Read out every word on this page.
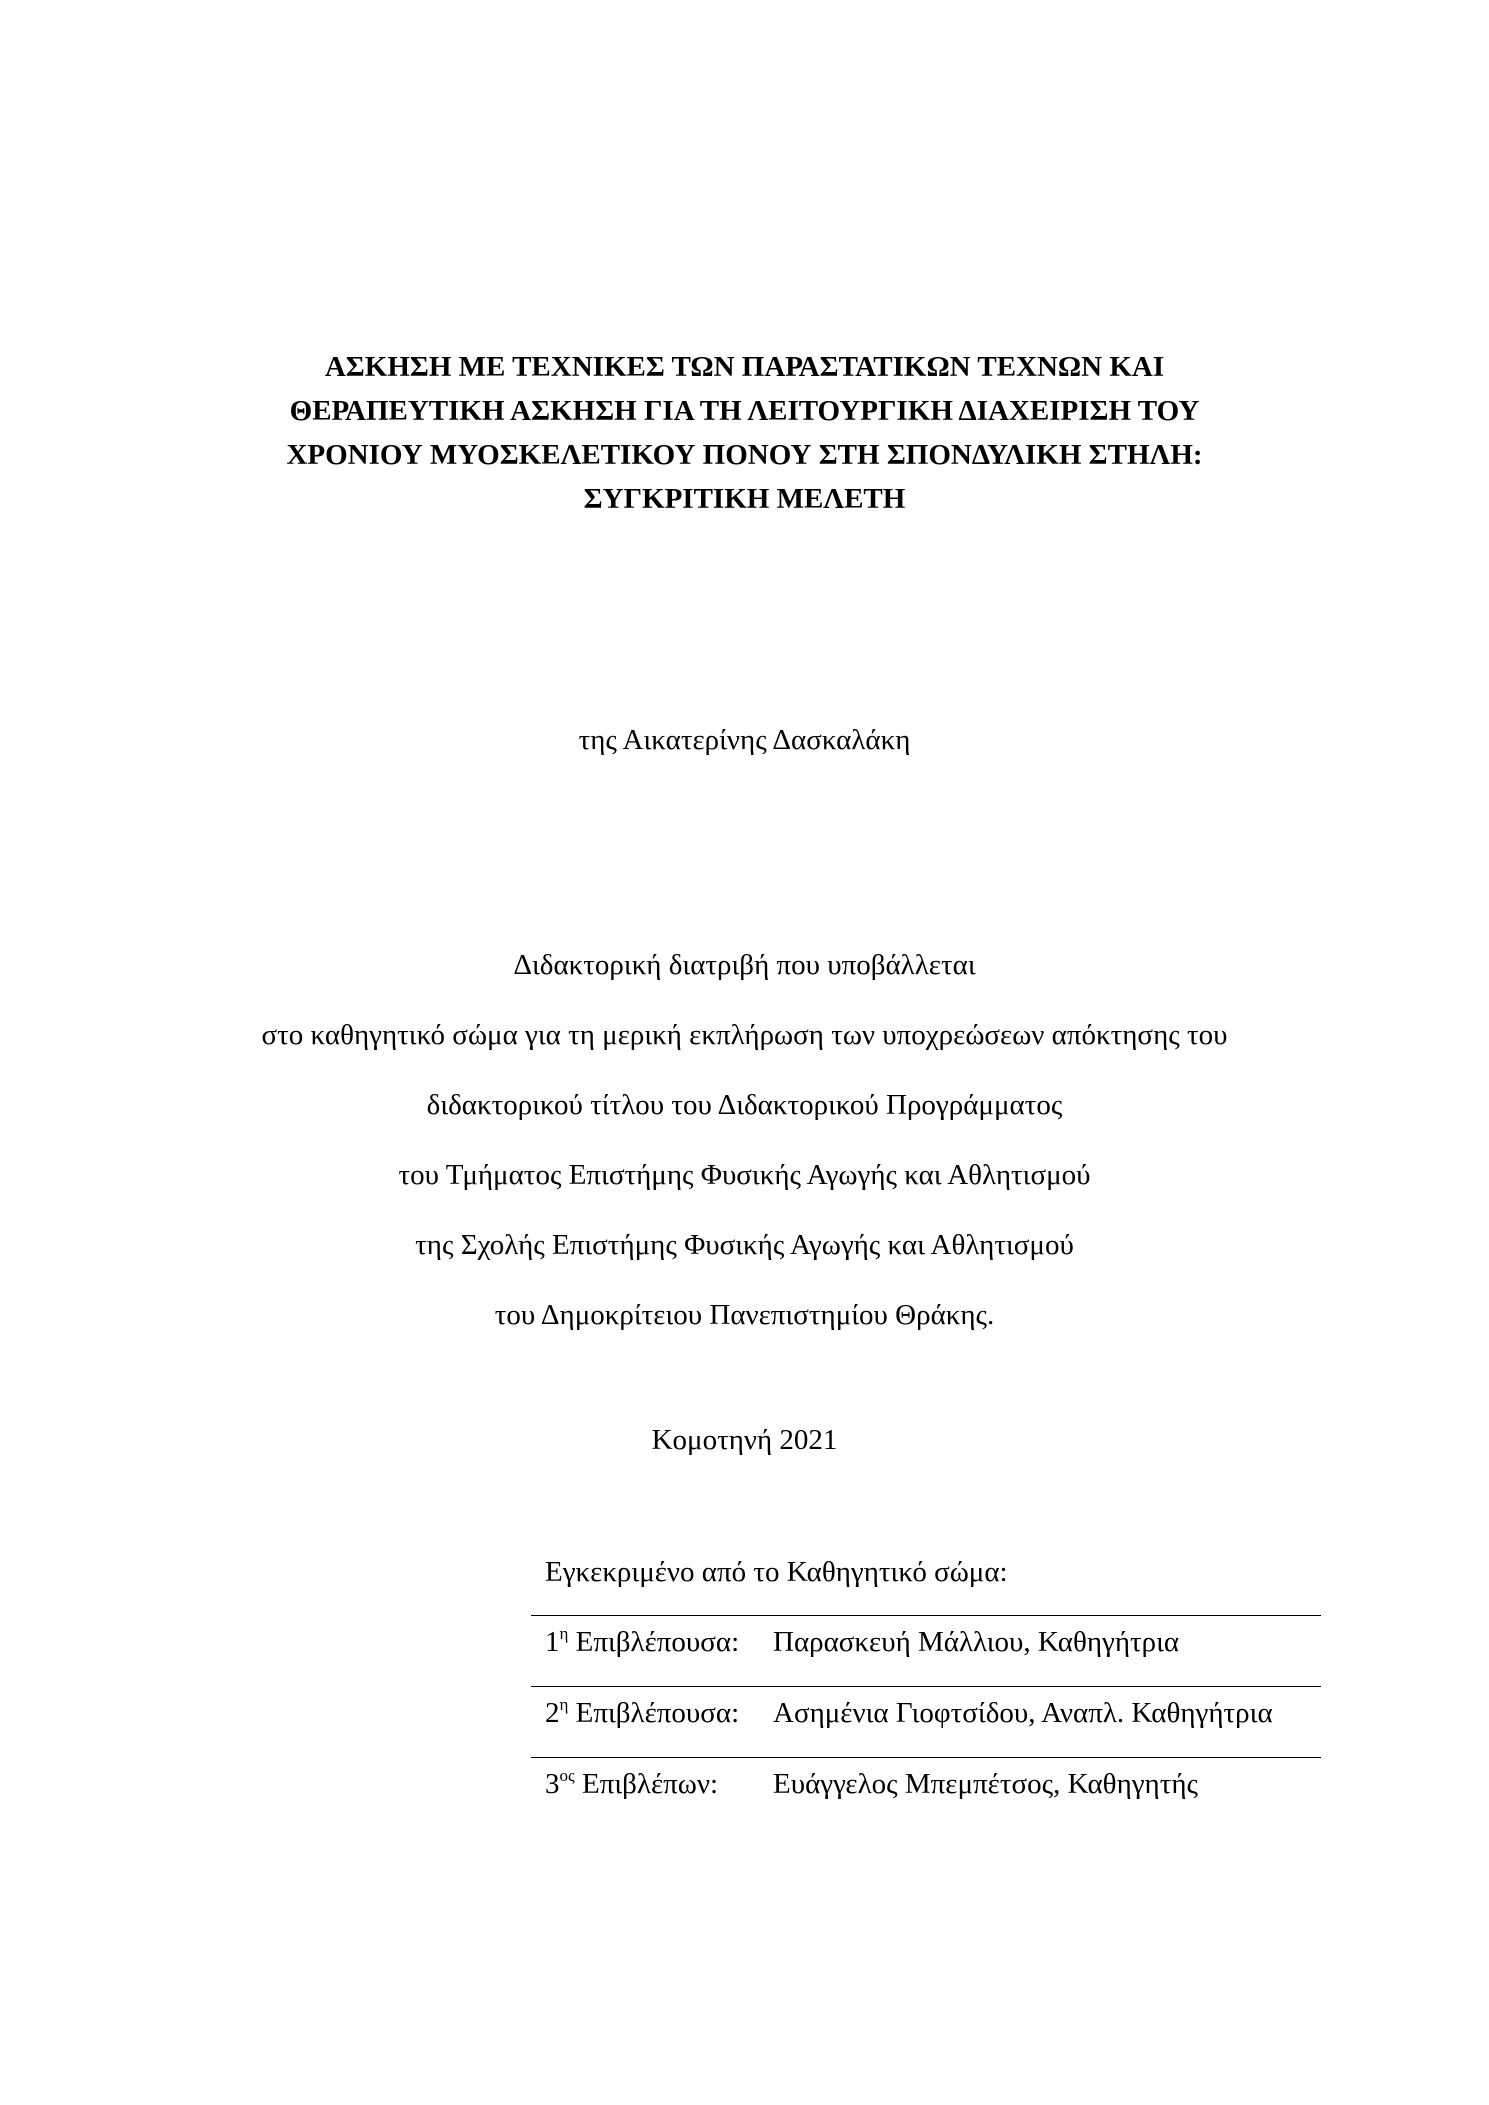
ΑΣΚΗΣΗ ΜΕ ΤΕΧΝΙΚΕΣ ΤΩΝ ΠΑΡΑΣΤΑΤΙΚΩΝ ΤΕΧΝΩΝ ΚΑΙ
ΘΕΡΑΠΕΥΤΙΚΗ ΑΣΚΗΣΗ ΓΙΑ ΤΗ ΛΕΙΤΟΥΡΓΙΚΗ ΔΙΑΧΕΙΡΙΣΗ ΤΟΥ
ΧΡΟΝΙΟΥ ΜΥΟΣΚΕΛΕΤΙΚΟΥ ΠΟΝΟΥ ΣΤΗ ΣΠΟΝΔΥΛΙΚΗ ΣΤΗΛΗ:
ΣΥΓΚΡΙΤΙΚΗ ΜΕΛΕΤΗ
της Αικατερίνης Δασκαλάκη
Διδακτορική διατριβή που υποβάλλεται
στο καθηγητικό σώμα για τη μερική εκπλήρωση των υποχρεώσεων απόκτησης του
διδακτορικού τίτλου του Διδακτορικού Προγράμματος
του Τμήματος Επιστήμης Φυσικής Αγωγής και Αθλητισμού
της Σχολής Επιστήμης Φυσικής Αγωγής και Αθλητισμού
του Δημοκρίτειου Πανεπιστημίου Θράκης.
Κομοτηνή 2021
Εγκεκριμένο από το Καθηγητικό σώμα:
$1^\eta$ Επιβλέπουσα: Παρασκευή Μάλλιου, Καθηγήτρια
$2^\eta$ Επιβλέπουσα: Ασημένια Γιοφτσίδου, Αναπλ. Καθηγήτρια
$3^{o\varsigma}$ Επιβλέπων: Ευάγγελος Μπεμπέτσος, Καθηγητής
